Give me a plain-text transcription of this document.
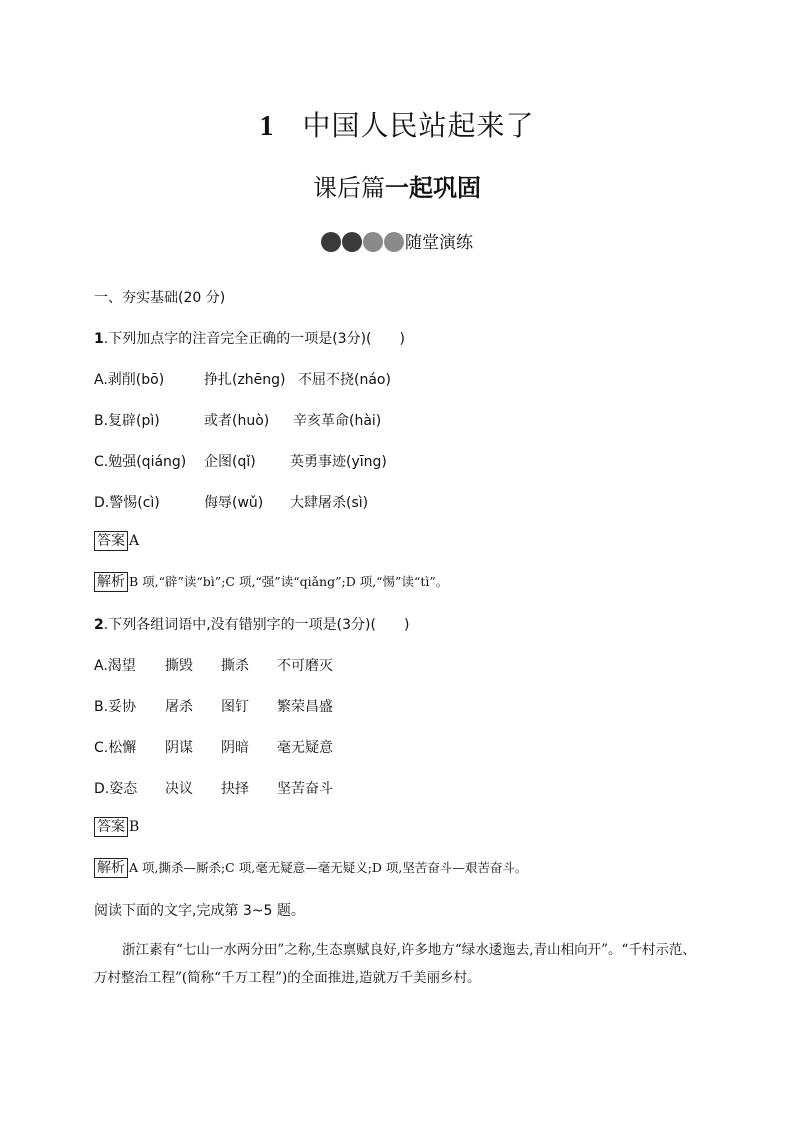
1 中国人民站起来了
课后篇一起巩固
随堂演练
一、夯实基础(20 分)
1.下列加点字的注音完全正确的一项是(3分)(　　)
A.剥削(bō)	挣扎(zhēng) 不屈不挠(náo)
B.复辟(pì)	或者(huò) 辛亥革命(hài)
C.勉强(qiáng) 企图(qǐ) 英勇事迹(yīng)
D.警惕(cì)	侮辱(wǔ) 大肆屠杀(sì)
答案 A
解析 B 项,“辟”读“bì”;C 项,“强”读“qiǎng”;D 项,“惕”读“tì”。
2.下列各组词语中,没有错别字的一项是(3分)(　　)
A.渴望 撕毁 撕杀 不可磨灭
B.妥协 屠杀 图钉 繁荣昌盛
C.松懈 阴谋 阴暗 毫无疑意
D.姿态 决议 抉择 坚苦奋斗
答案 B
解析 A 项,撕杀—厮杀;C 项,毫无疑意—毫无疑义;D 项,坚苦奋斗—艰苦奋斗。
阅读下面的文字,完成第 3~5 题。
浙江素有“七山一水两分田”之称,生态禀赋良好,许多地方“绿水逶迤去,青山相向开”。“千村示范、万村整治工程”(简称“千万工程”)的全面推进,造就万千美丽乡村。
